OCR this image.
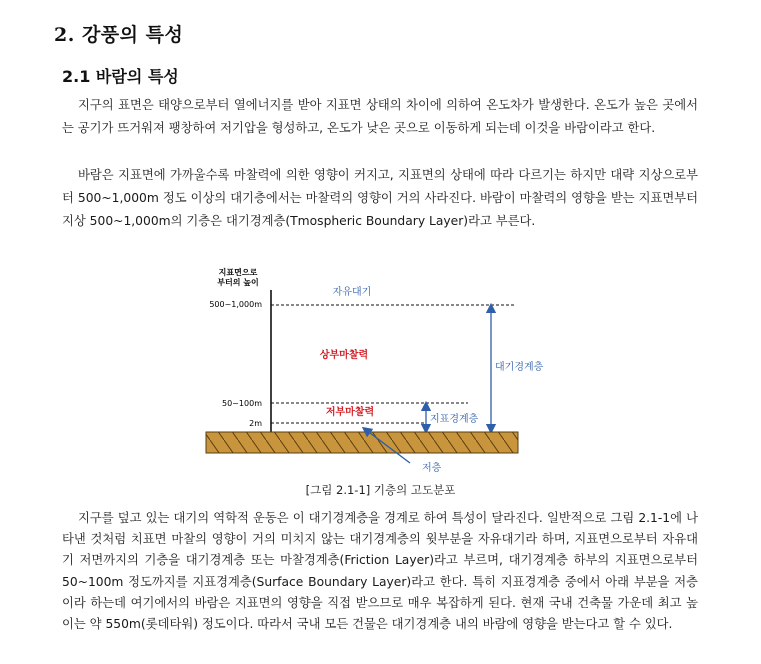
2. 강풍의 특성
2.1 바람의 특성
지구의 표면은 태양으로부터 열에너지를 받아 지표면 상태의 차이에 의하여 온도차가 발생한다. 온도가 높은 곳에서는 공기가 뜨거워져 팽창하여 저기압을 형성하고, 온도가 낮은 곳으로 이동하게 되는데 이것을 바람이라고 한다.
바람은 지표면에 가까울수록 마찰력에 의한 영향이 커지고, 지표면의 상태에 따라 다르기는 하지만 대략 지상으로부터 500~1,000m 정도 이상의 대기층에서는 마찰력의 영향이 거의 사라진다. 바람이 마찰력의 영향을 받는 지표면부터 지상 500~1,000m의 기층은 대기경계층(Tmospheric Boundary Layer)라고 부른다.
지표면으로
부터의 높이
500~1,000m
50~100m
2m
자유대기
상부마찰력
저부마찰력
대기경계층
지표경계층
저층
[그림 2.1-1] 기층의 고도분포
지구를 덮고 있는 대기의 역학적 운동은 이 대기경계층을 경계로 하여 특성이 달라진다. 일반적으로 그림 2.1-1에 나타낸 것처럼 치표면 마찰의 영향이 거의 미치지 않는 대기경계층의 윗부분을 자유대기라 하며, 지표면으로부터 자유대기 저면까지의 기층을 대기경계층 또는 마찰경계층(Friction Layer)라고 부르며, 대기경계층 하부의 지표면으로부터 50~100m 정도까지를 지표경계층(Surface Boundary Layer)라고 한다. 특히 지표경계층 중에서 아래 부분을 저층이라 하는데 여기에서의 바람은 지표면의 영향을 직접 받으므로 매우 복잡하게 된다. 현재 국내 건축물 가운데 최고 높이는 약 550m(롯데타워) 정도이다. 따라서 국내 모든 건물은 대기경계층 내의 바람에 영향을 받는다고 할 수 있다.
